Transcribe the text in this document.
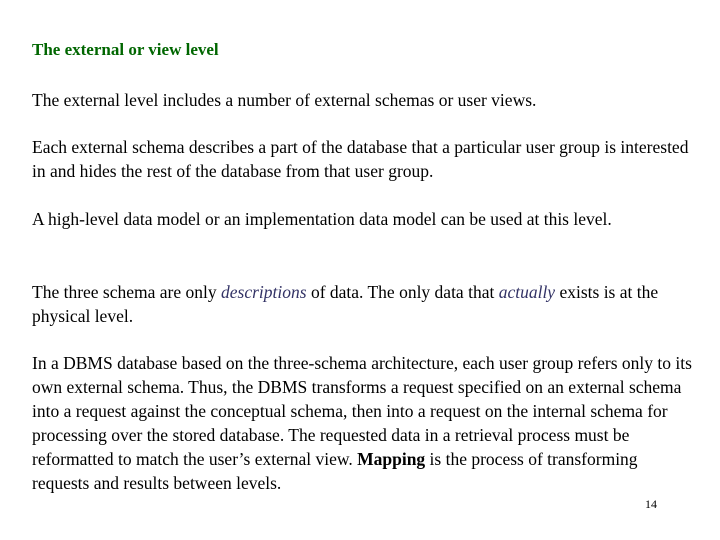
The external or view level

The external level includes a number of external schemas or user views.

Each external schema describes a part of the database that a particular user group is interested in and hides the rest of the database from that user group.

A high-level data model or an implementation data model can be used at this level.

The three schema are only descriptions of data. The only data that actually exists is at the physical level.

In a DBMS database based on the three-schema architecture, each user group refers only to its own external schema. Thus, the DBMS transforms a request specified on an external schema into a request against the conceptual schema, then into a request on the internal schema for processing over the stored database. The requested data in a retrieval process must be reformatted to match the user’s external view. Mapping is the process of transforming requests and results between levels.

14
